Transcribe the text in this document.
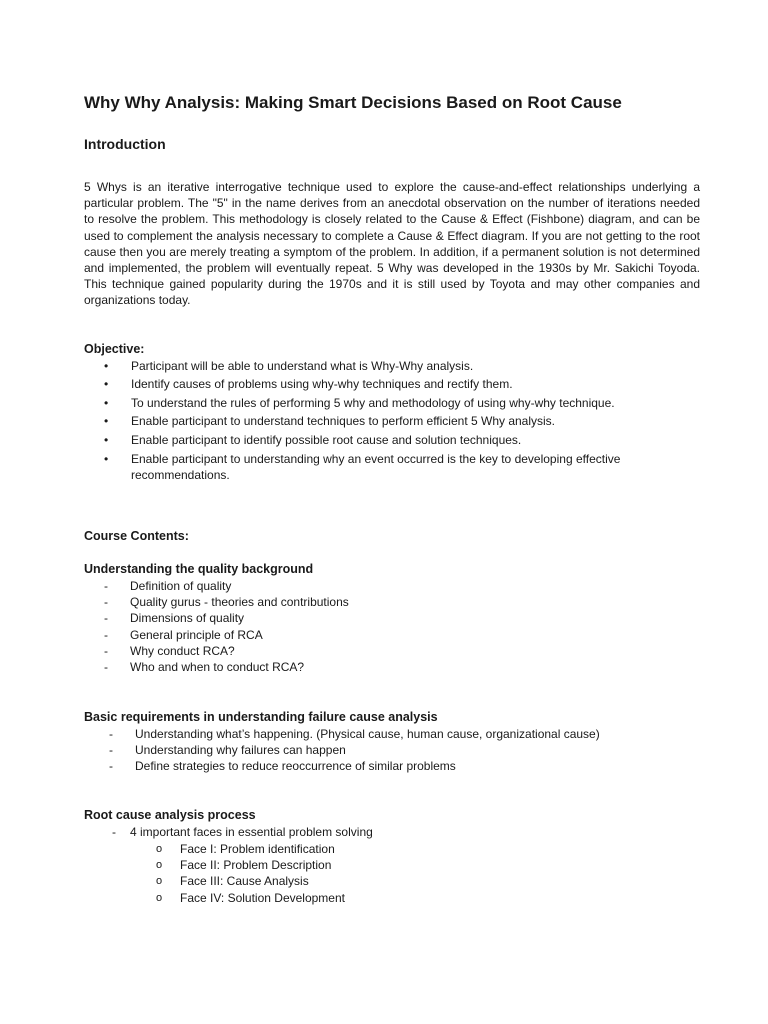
Why Why Analysis: Making Smart Decisions Based on Root Cause
Introduction

5 Whys is an iterative interrogative technique used to explore the cause-and-effect relationships underlying a particular problem. The "5" in the name derives from an anecdotal observation on the number of iterations needed to resolve the problem. This methodology is closely related to the Cause & Effect (Fishbone) diagram, and can be used to complement the analysis necessary to complete a Cause & Effect diagram. If you are not getting to the root cause then you are merely treating a symptom of the problem. In addition, if a permanent solution is not determined and implemented, the problem will eventually repeat. 5 Why was developed in the 1930s by Mr. Sakichi Toyoda. This technique gained popularity during the 1970s and it is still used by Toyota and may other companies and organizations today.

Objective:
• Participant will be able to understand what is Why-Why analysis.
• Identify causes of problems using why-why techniques and rectify them.
• To understand the rules of performing 5 why and methodology of using why-why technique.
• Enable participant to understand techniques to perform efficient 5 Why analysis.
• Enable participant to identify possible root cause and solution techniques.
• Enable participant to understanding why an event occurred is the key to developing effective recommendations.
Course Contents:
Understanding the quality background
- Definition of quality
- Quality gurus - theories and contributions
- Dimensions of quality
- General principle of RCA
- Why conduct RCA?
- Who and when to conduct RCA?
Basic requirements in understanding failure cause analysis
- Understanding what’s happening. (Physical cause, human cause, organizational cause)
- Understanding why failures can happen
- Define strategies to reduce reoccurrence of similar problems
Root cause analysis process
- 4 important faces in essential problem solving
o Face I: Problem identification
o Face II: Problem Description
o Face III: Cause Analysis
o Face IV: Solution Development
